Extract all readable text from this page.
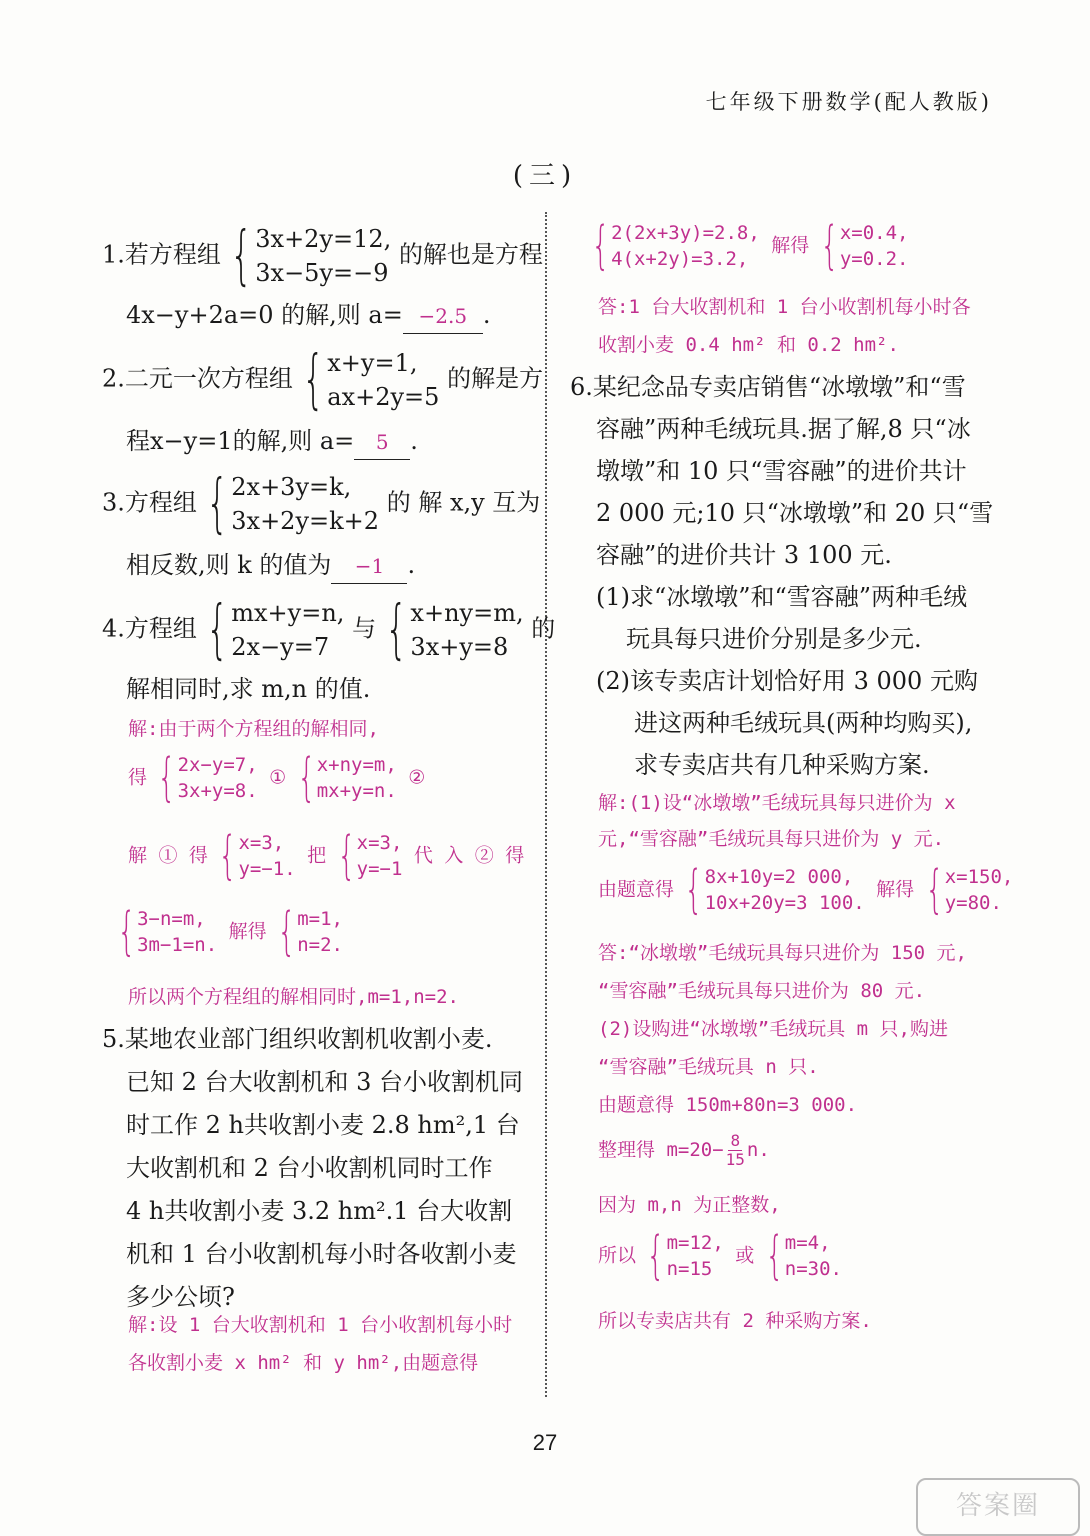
七年级下册数学(配人教版)
(三)
1.若方程组 { 3x+2y=12,
3x−5y=−9
的解也是方程
4x−y+2a=0 的解,则 a= −2.5 .
2.二元一次方程组 { x+y=1,
ax+2y=5
的解是方
程x−y=1的解,则 a= 5 .
3.方程组 { 2x+3y=k,
3x+2y=k+2
的 解 x,y 互为
相反数,则 k 的值为 −1 .
4.方程组 { mx+y=n,
2x−y=7
与 { x+ny=m,
3x+y=8
的
解相同时,求 m,n 的值.
解:由于两个方程组的解相同,
得 { 2x−y=7,
3x+y=8.
① { x+ny=m,
mx+y=n.
②
解 ① 得 { x=3,
y=−1.
把 { x=3,
y=−1
代 入 ② 得
{ 3−n=m,
3m−1=n.
解得 { m=1,
n=2.
所以两个方程组的解相同时,m=1,n=2.
5.某地农业部门组织收割机收割小麦.
已知 2 台大收割机和 3 台小收割机同
时工作 2 h共收割小麦 2.8 hm²,1 台
大收割机和 2 台小收割机同时工作
4 h共收割小麦 3.2 hm².1 台大收割
机和 1 台小收割机每小时各收割小麦
多少公顷?
解:设 1 台大收割机和 1 台小收割机每小时
各收割小麦 x hm² 和 y hm²,由题意得
{ 2(2x+3y)=2.8,
4(x+2y)=3.2,
解得 { x=0.4,
y=0.2.
答:1 台大收割机和 1 台小收割机每小时各
收割小麦 0.4 hm² 和 0.2 hm².
6.某纪念品专卖店销售“冰墩墩”和“雪
容融”两种毛绒玩具.据了解,8 只“冰
墩墩”和 10 只“雪容融”的进价共计
2 000 元;10 只“冰墩墩”和 20 只“雪
容融”的进价共计 3 100 元.
(1)求“冰墩墩”和“雪容融”两种毛绒
玩具每只进价分别是多少元.
(2)该专卖店计划恰好用 3 000 元购
进这两种毛绒玩具(两种均购买),
求专卖店共有几种采购方案.
解:(1)设“冰墩墩”毛绒玩具每只进价为 x
元,“雪容融”毛绒玩具每只进价为 y 元.
由题意得 { 8x+10y=2 000,
10x+20y=3 100.
解得 { x=150,
y=80.
答:“冰墩墩”毛绒玩具每只进价为 150 元,
“雪容融”毛绒玩具每只进价为 80 元.
(2)设购进“冰墩墩”毛绒玩具 m 只,购进
“雪容融”毛绒玩具 n 只.
由题意得 150m+80n=3 000.
整理得 $m=20- \frac{8}{15} n$.
因为 m,n 为正整数,
所以 { m=12,
n=15
或 { m=4,
n=30.
所以专卖店共有 2 种采购方案.
27
答案圈
